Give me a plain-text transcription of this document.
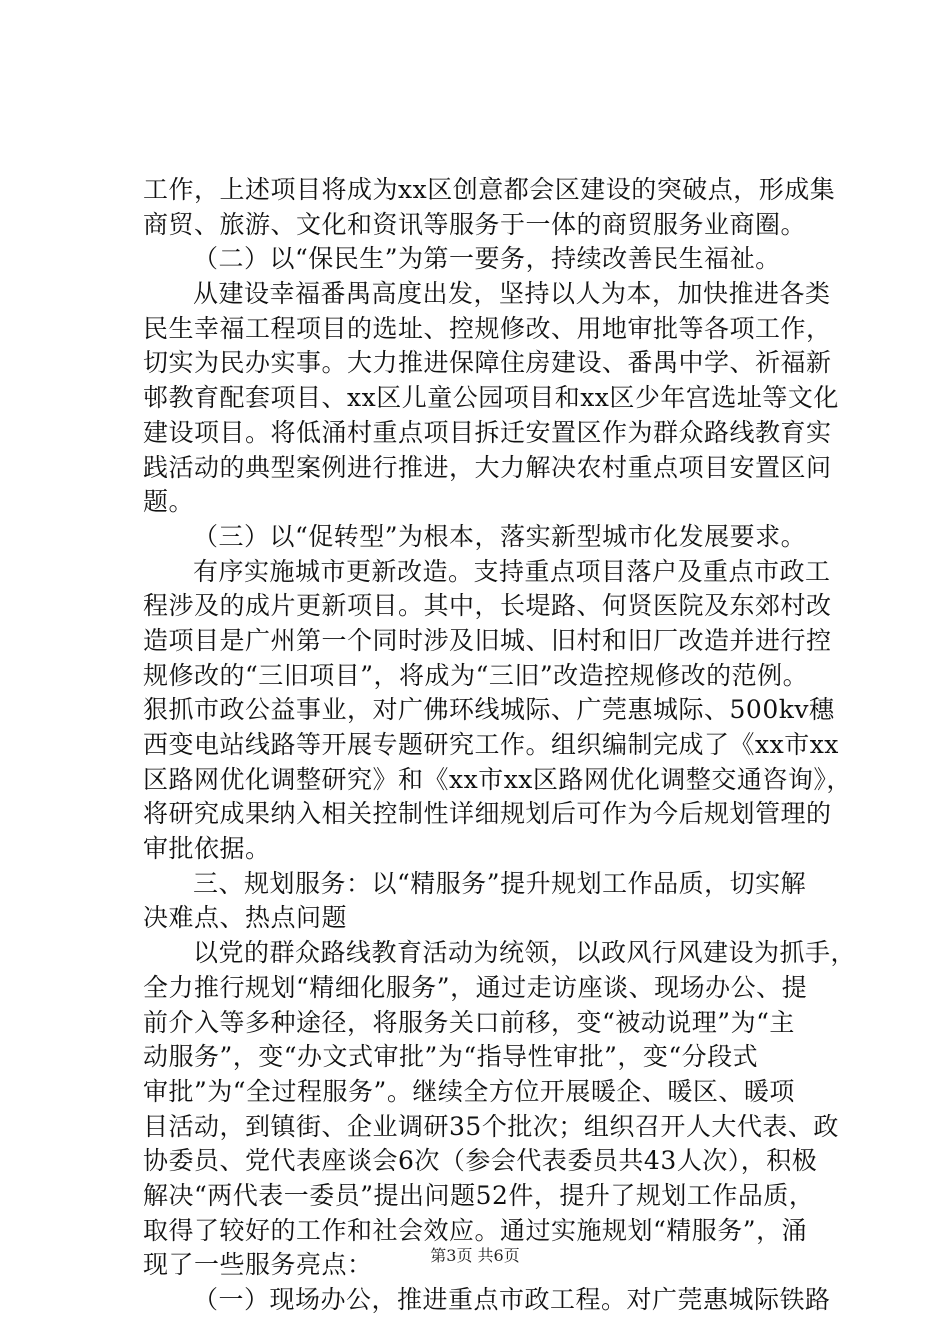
工作，上述项目将成为xx区创意都会区建设的突破点，形成集
商贸、旅游、文化和资讯等服务于一体的商贸服务业商圈。
（二）以“保民生”为第一要务，持续改善民生福祉。
从建设幸福番禺高度出发，坚持以人为本，加快推进各类
民生幸福工程项目的选址、控规修改、用地审批等各项工作，
切实为民办实事。大力推进保障住房建设、番禺中学、祈福新
邨教育配套项目、xx区儿童公园项目和xx区少年宫选址等文化
建设项目。将低涌村重点项目拆迁安置区作为群众路线教育实
践活动的典型案例进行推进，大力解决农村重点项目安置区问
题。
（三）以“促转型”为根本，落实新型城市化发展要求。
有序实施城市更新改造。支持重点项目落户及重点市政工
程涉及的成片更新项目。其中，长堤路、何贤医院及东郊村改
造项目是广州第一个同时涉及旧城、旧村和旧厂改造并进行控
规修改的“三旧项目”，将成为“三旧”改造控规修改的范例。
狠抓市政公益事业，对广佛环线城际、广莞惠城际、500kv穗
西变电站线路等开展专题研究工作。组织编制完成了《xx市xx
区路网优化调整研究》和《xx市xx区路网优化调整交通咨询》，
将研究成果纳入相关控制性详细规划后可作为今后规划管理的
审批依据。
三、规划服务：以“精服务”提升规划工作品质，切实解
决难点、热点问题
以党的群众路线教育活动为统领，以政风行风建设为抓手，
全力推行规划“精细化服务”，通过走访座谈、现场办公、提
前介入等多种途径，将服务关口前移，变“被动说理”为“主
动服务”，变“办文式审批”为“指导性审批”，变“分段式
审批”为“全过程服务”。继续全方位开展暖企、暖区、暖项
目活动，到镇街、企业调研35个批次；组织召开人大代表、政
协委员、党代表座谈会6次（参会代表委员共43人次），积极
解决“两代表一委员”提出问题52件，提升了规划工作品质，
取得了较好的工作和社会效应。通过实施规划“精服务”，涌
现了一些服务亮点：
（一）现场办公，推进重点市政工程。对广莞惠城际铁路
第3页 共6页
